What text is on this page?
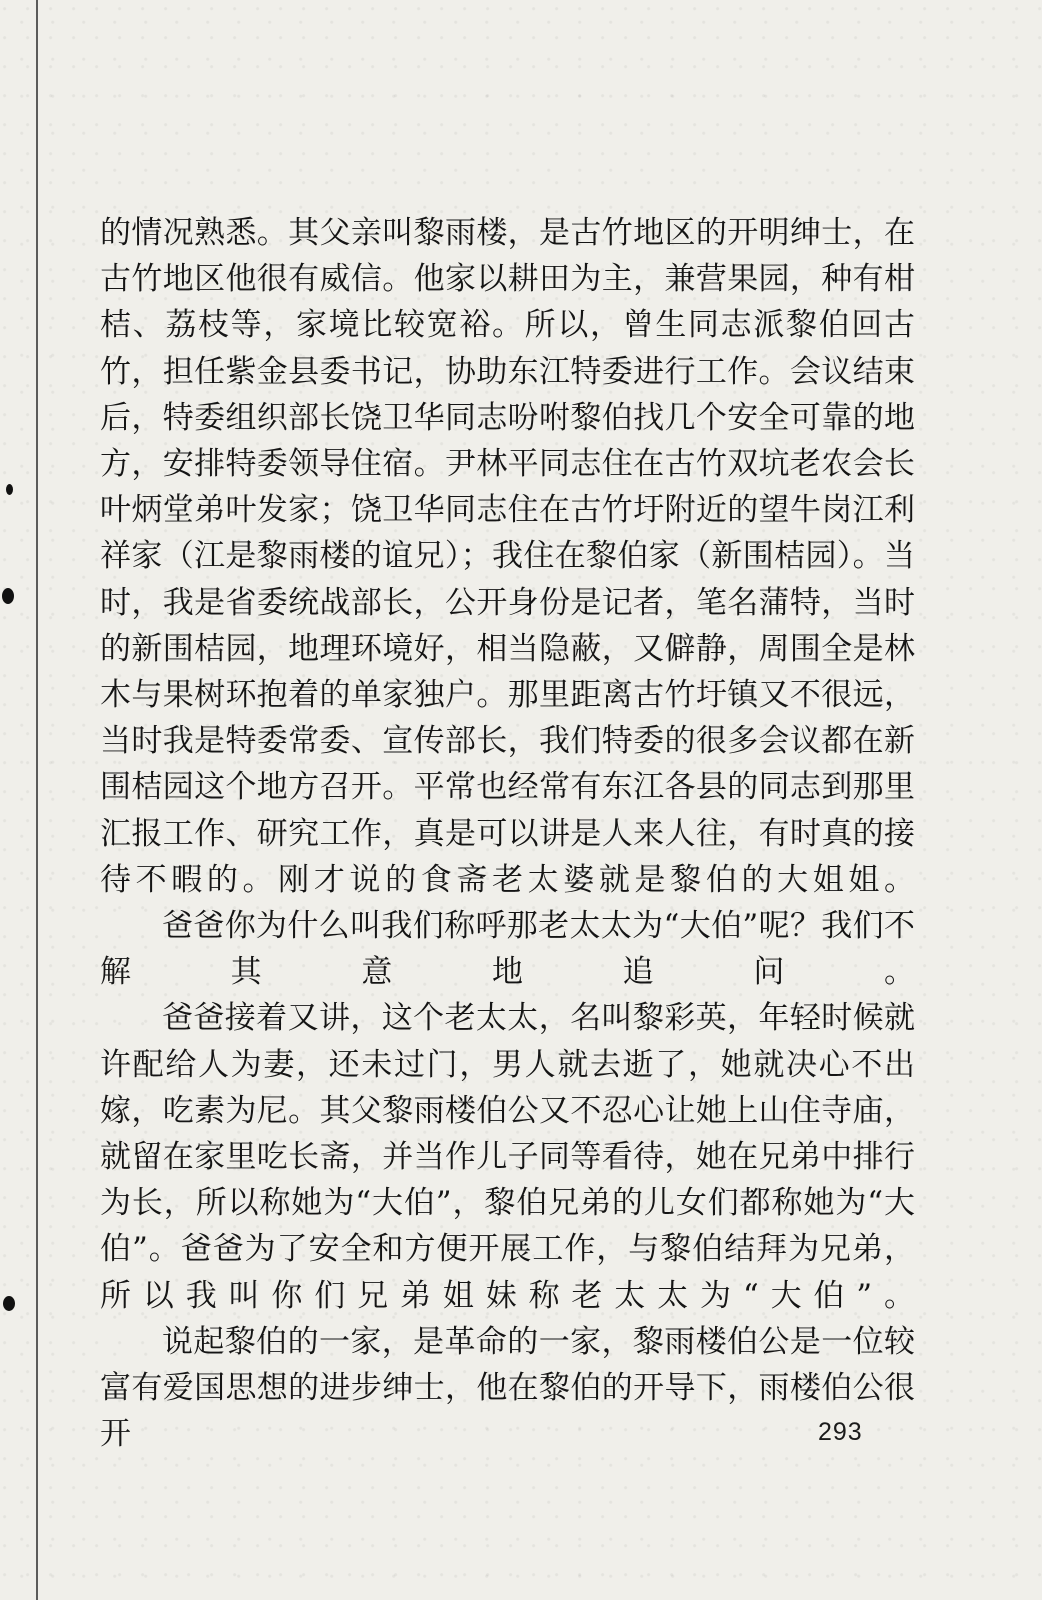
的情况熟悉。其父亲叫黎雨楼，是古竹地区的开明绅士，在古竹地区他很有威信。他家以耕田为主，兼营果园，种有柑桔、荔枝等，家境比较宽裕。所以，曾生同志派黎伯回古竹，担任紫金县委书记，协助东江特委进行工作。会议结束后，特委组织部长饶卫华同志吩咐黎伯找几个安全可靠的地方，安排特委领导住宿。尹林平同志住在古竹双坑老农会长叶炳堂弟叶发家；饶卫华同志住在古竹圩附近的望牛岗江利祥家（江是黎雨楼的谊兄）；我住在黎伯家（新围桔园）。当时，我是省委统战部长，公开身份是记者，笔名蒲特，当时的新围桔园，地理环境好，相当隐蔽，又僻静，周围全是林木与果树环抱着的单家独户。那里距离古竹圩镇又不很远，当时我是特委常委、宣传部长，我们特委的很多会议都在新围桔园这个地方召开。平常也经常有东江各县的同志到那里汇报工作、研究工作，真是可以讲是人来人往，有时真的接待不暇的。刚才说的食斋老太婆就是黎伯的大姐姐。

爸爸你为什么叫我们称呼那老太太为“大伯”呢？我们不解其意地追问。

爸爸接着又讲，这个老太太，名叫黎彩英，年轻时候就许配给人为妻，还未过门，男人就去逝了，她就决心不出嫁，吃素为尼。其父黎雨楼伯公又不忍心让她上山住寺庙，就留在家里吃长斋，并当作儿子同等看待，她在兄弟中排行为长，所以称她为“大伯”，黎伯兄弟的儿女们都称她为“大伯”。爸爸为了安全和方便开展工作，与黎伯结拜为兄弟，所以我叫你们兄弟姐妹称老太太为“大伯”。

说起黎伯的一家，是革命的一家，黎雨楼伯公是一位较富有爱国思想的进步绅士，他在黎伯的开导下，雨楼伯公很开	293
